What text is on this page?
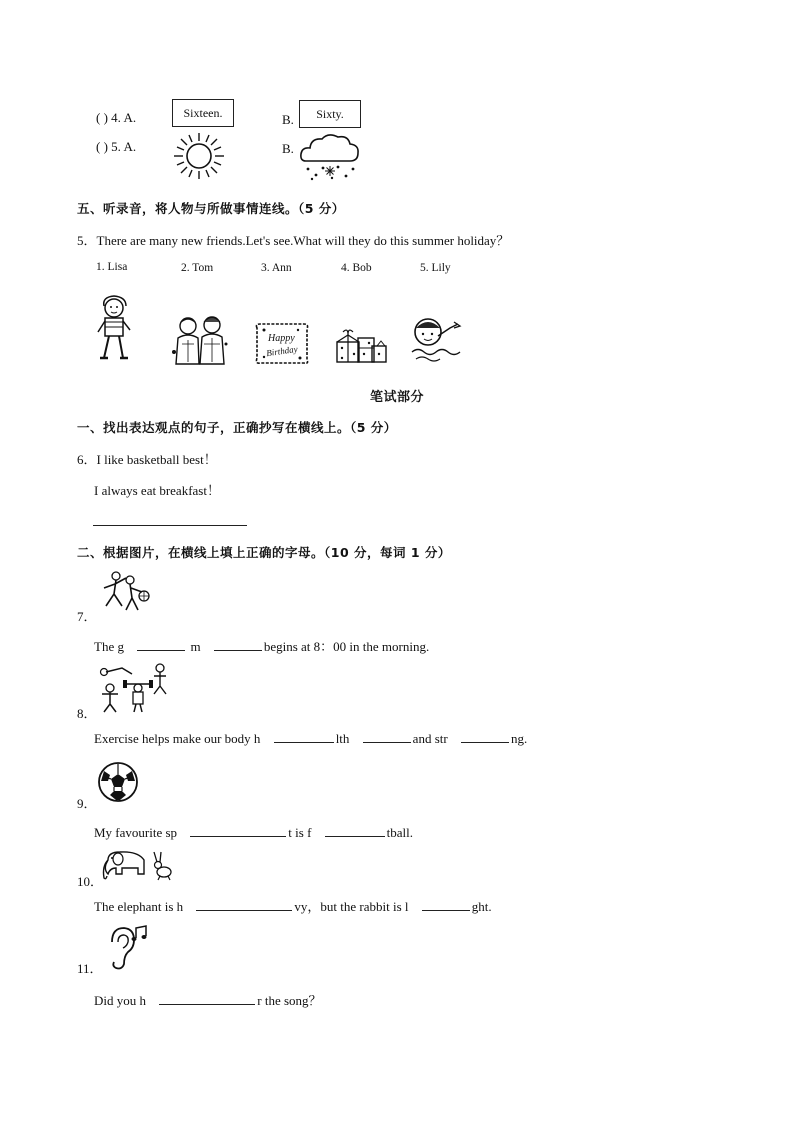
( ) 4. A.	Sixteen.	B. Sixty.
( ) 5. A.	B.
五、听录音，将人物与所做事情连线。（5 分）
5．There are many new friends.Let's see.What will they do this summer holiday？
1. Lisa	2. Tom	3. Ann	4. Bob	5. Lily
Happy
Birthday
笔试部分
一、找出表达观点的句子，正确抄写在横线上。（5 分）
6．I like basketball best！
I always eat breakfast！
二、根据图片，在横线上填上正确的字母。（10 分，每词 1 分）
7．
The g	m	begins at 8：00 in the morning.
8．
Exercise helps make our body h	lth	and str	ng.
9．
My favourite sp	t is f	tball.
10．
The elephant is h	vy，but the rabbit is l	ght.
11．
Did you h	r the song？
